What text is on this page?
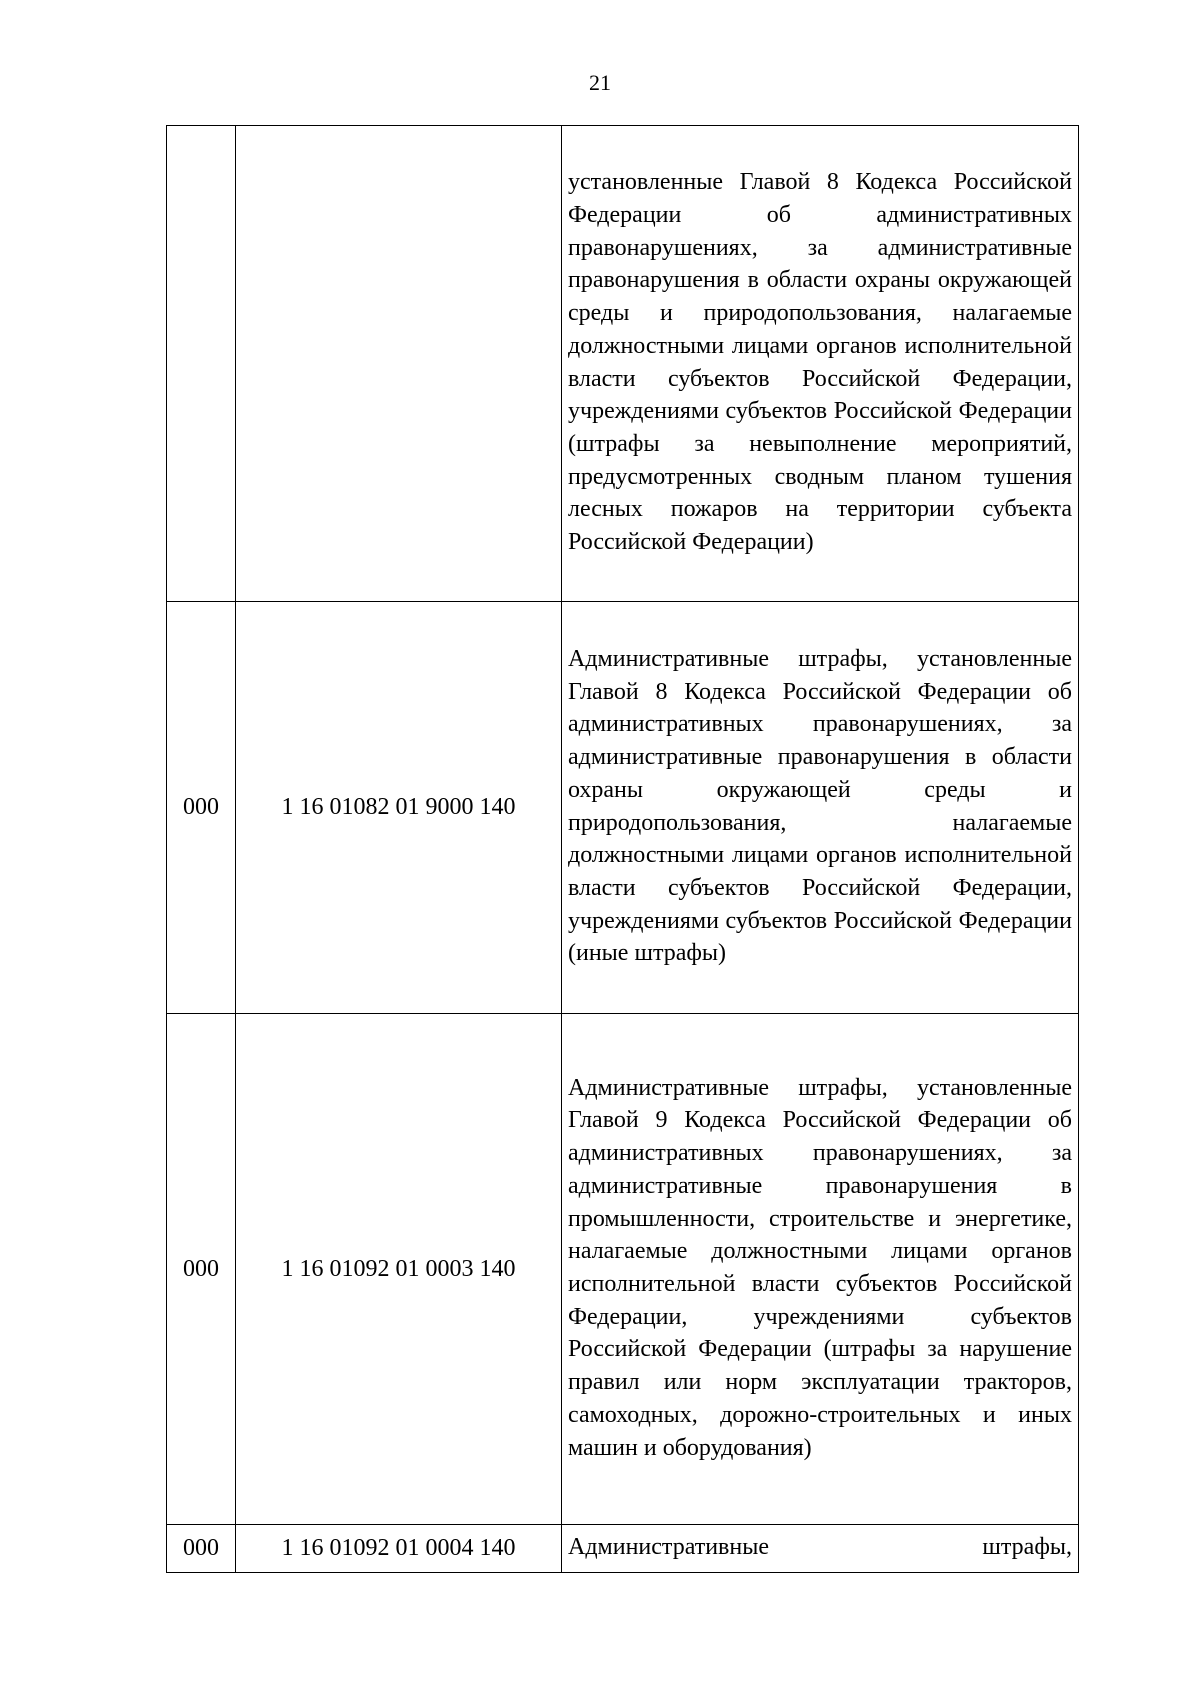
21
		установленные Главой 8 Кодекса Российской Федерации об административных правонарушениях, за административные правонарушения в области охраны окружающей среды и природопользования, налагаемые должностными лицами органов исполнительной власти субъектов Российской Федерации, учреждениями субъектов Российской Федерации (штрафы за невыполнение мероприятий, предусмотренных сводным планом тушения лесных пожаров на территории субъекта Российской Федерации)
000	1 16 01082 01 9000 140	Административные штрафы, установленные Главой 8 Кодекса Российской Федерации об административных правонарушениях, за административные правонарушения в области охраны окружающей среды и природопользования, налагаемые должностными лицами органов исполнительной власти субъектов Российской Федерации, учреждениями субъектов Российской Федерации (иные штрафы)
000	1 16 01092 01 0003 140	Административные штрафы, установленные Главой 9 Кодекса Российской Федерации об административных правонарушениях, за административные правонарушения в промышленности, строительстве и энергетике, налагаемые должностными лицами органов исполнительной власти субъектов Российской Федерации, учреждениями субъектов Российской Федерации (штрафы за нарушение правил или норм эксплуатации тракторов, самоходных, дорожно-строительных и иных машин и оборудования)
000	1 16 01092 01 0004 140	Административные штрафы,
